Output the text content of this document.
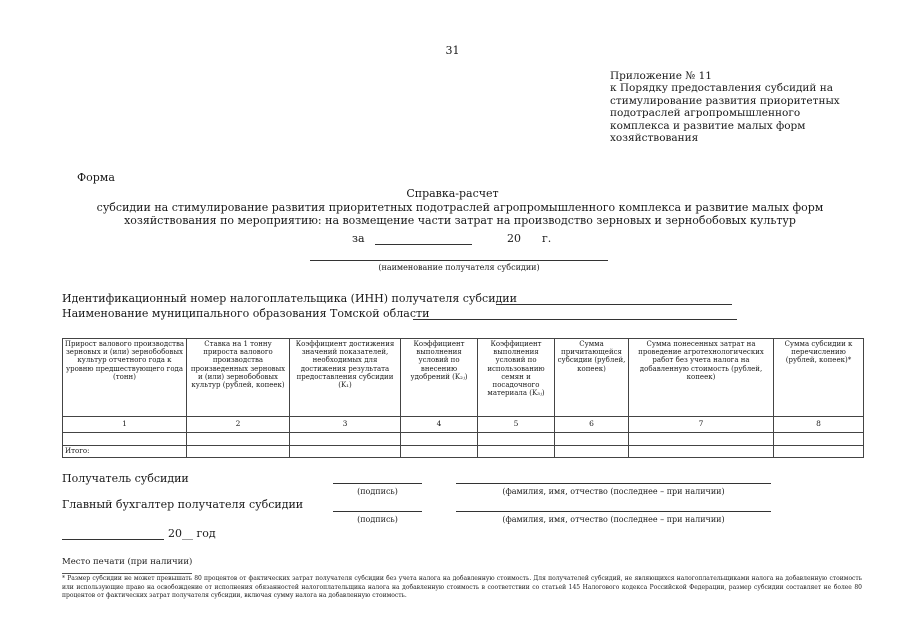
31
Приложение № 11
к Порядку предоставления субсидий на
стимулирование развития приоритетных
подотраслей агропромышленного
комплекса и развитие малых форм
хозяйствования
Форма
Справка-расчет
субсидии на стимулирование развития приоритетных подотраслей агропромышленного комплекса и развитие малых форм
хозяйствования по мероприятию: на возмещение части затрат на производство зерновых и зернобобовых культур
за	20 г.
(наименование получателя субсидии)
Идентификационный номер налогоплательщика (ИНН) получателя субсидии
Наименование муниципального образования Томской области
Прирост валового производства зерновых и (или) зернобобовых культур отчетного года к уровню предшествующего года (тонн)	Ставка на 1 тонну прироста валового производства произведенных зерновых и (или) зернобобовых культур (рублей, копеек)	Коэффициент достижения значений показателей, необходимых для достижения результата предоставления субсидии (K₁)	Коэффициент выполнения условий по внесению удобрений (K₂ⱼ)	Коэффициент выполнения условий по использованию семян и посадочного материала (K₃ⱼ)	Сумма причитающейся субсидии (рублей, копеек)	Сумма понесенных затрат на проведение агротехнологических работ без учета налога на добавленную стоимость (рублей, копеек)	Сумма субсидии к перечислению (рублей, копеек)*
1	2	3	4	5	6	7	8

Итого:							
Получатель субсидии
(подпись)	(фамилия, имя, отчество (последнее – при наличии)
Главный бухгалтер получателя субсидии
(подпись)	(фамилия, имя, отчество (последнее – при наличии)
20__ год
Место печати (при наличии)
* Размер субсидии не может превышать 80 процентов от фактических затрат получателя субсидии без учета налога на добавленную стоимость. Для получателей субсидий, не являющихся налогоплательщиками налога на добавленную стоимость или использующие право на освобождение от исполнения обязанностей налогоплательщика налога на добавленную стоимость в соответствии со статьей 145 Налогового кодекса Российской Федерации, размер субсидии составляет не более 80 процентов от фактических затрат получателя субсидии, включая сумму налога на добавленную стоимость.
